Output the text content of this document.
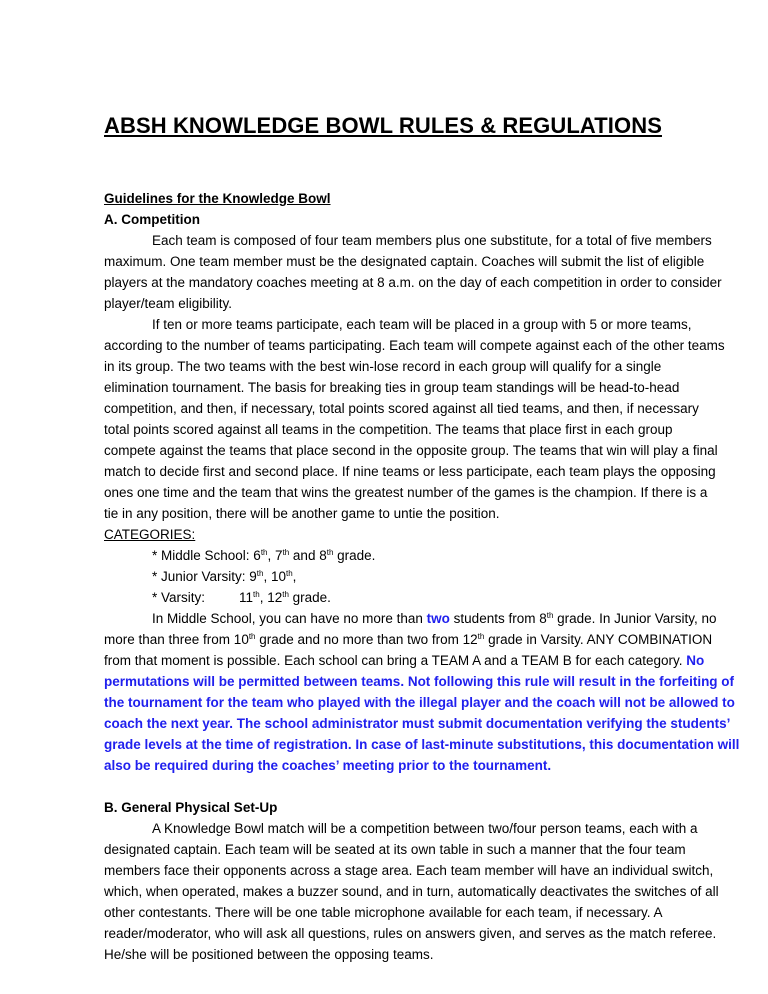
ABSH KNOWLEDGE BOWL RULES & REGULATIONS
Guidelines for the Knowledge Bowl
A. Competition
Each team is composed of four team members plus one substitute, for a total of five members
maximum. One team member must be the designated captain. Coaches will submit the list of eligible
players at the mandatory coaches meeting at 8 a.m. on the day of each competition in order to consider
player/team eligibility.
If ten or more teams participate, each team will be placed in a group with 5 or more teams,
according to the number of teams participating. Each team will compete against each of the other teams
in its group. The two teams with the best win-lose record in each group will qualify for a single
elimination tournament. The basis for breaking ties in group team standings will be head-to-head
competition, and then, if necessary, total points scored against all tied teams, and then, if necessary
total points scored against all teams in the competition. The teams that place first in each group
compete against the teams that place second in the opposite group. The teams that win will play a final
match to decide first and second place. If nine teams or less participate, each team plays the opposing
ones one time and the team that wins the greatest number of the games is the champion. If there is a
tie in any position, there will be another game to untie the position.
CATEGORIES:
* Middle School: 6th, 7th and 8th grade.
* Junior Varsity: 9th, 10th,
* Varsity:	11th, 12th grade.
In Middle School, you can have no more than two students from 8th grade. In Junior Varsity, no
more than three from 10th grade and no more than two from 12th grade in Varsity. ANY COMBINATION
from that moment is possible. Each school can bring a TEAM A and a TEAM B for each category. No
permutations will be permitted between teams. Not following this rule will result in the forfeiting of
the tournament for the team who played with the illegal player and the coach will not be allowed to
coach the next year. The school administrator must submit documentation verifying the students’
grade levels at the time of registration. In case of last-minute substitutions, this documentation will
also be required during the coaches’ meeting prior to the tournament.
B. General Physical Set-Up
A Knowledge Bowl match will be a competition between two/four person teams, each with a
designated captain. Each team will be seated at its own table in such a manner that the four team
members face their opponents across a stage area. Each team member will have an individual switch,
which, when operated, makes a buzzer sound, and in turn, automatically deactivates the switches of all
other contestants. There will be one table microphone available for each team, if necessary. A
reader/moderator, who will ask all questions, rules on answers given, and serves as the match referee.
He/she will be positioned between the opposing teams.
